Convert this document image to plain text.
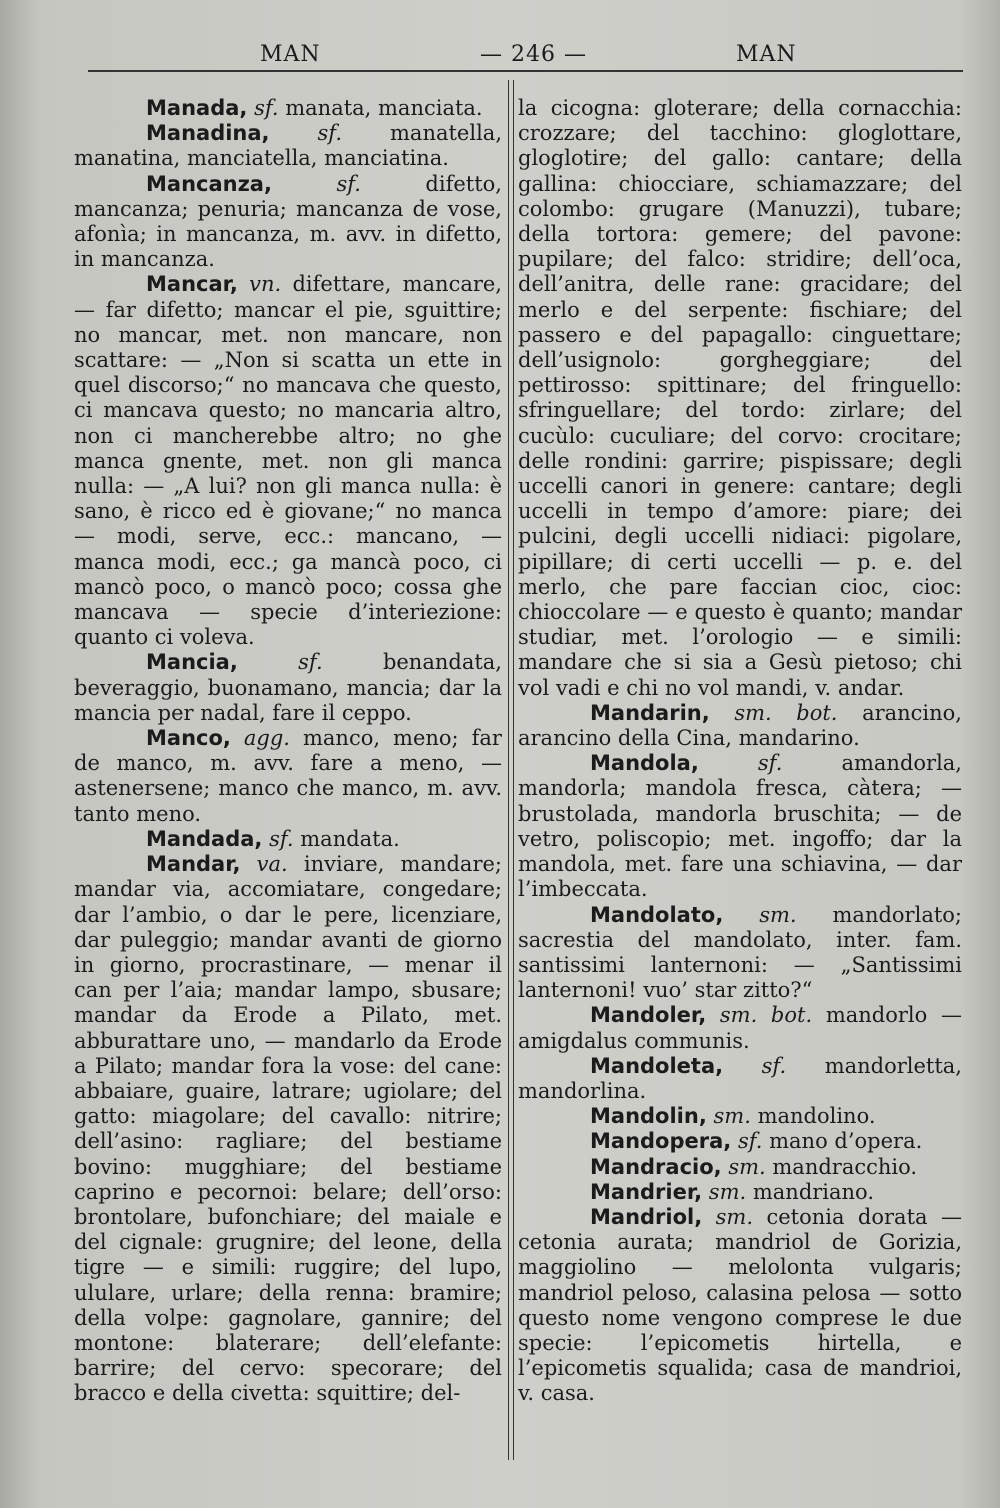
MAN	— 246 —	MAN

Manada, sf. manata, manciata.

Manadina, sf. manatella, manatina, manciatella, manciatina.

Mancanza,	sf.	difetto, mancanza; penuria; mancanza de vose, afonìa; in mancanza, m. avv. in difetto, in mancanza.

Mancar, vn. difettare, mancare, — far difetto; mancar el pie, sguittire; no mancar, met. non mancare, non scattare: — „Non si scatta un ette in quel discorso;“ no mancava che questo, ci mancava questo; no mancaria altro, non ci mancherebbe altro; no ghe manca gnente, met. non gli manca nulla: — „A lui? non gli manca nulla: è sano, è ricco ed è giovane;“ no manca — modi, serve, ecc.: mancano, — manca modi, ecc.; ga mancà poco, ci mancò poco, o mancò poco; cossa ghe mancava — specie d’interiezione: quanto ci voleva.

Mancia,	sf.	benandata, beveraggio, buonamano, mancia; dar la mancia per nadal, fare il ceppo.

Manco, agg. manco, meno; far de manco, m. avv. fare a meno, — astenersene; manco che manco, m. avv. tanto meno.

Mandada, sf. mandata.

Mandar, va. inviare, mandare; mandar via, accomiatare, congedare; dar l’ambio, o dar le pere, licenziare, dar puleggio; mandar avanti de giorno in giorno, procrastinare, — menar il can per l’aia; mandar lampo, sbusare; mandar da Erode a Pilato, met. abburattare uno, — mandarlo da Erode a Pilato; mandar fora la vose: del cane: abbaiare, guaire, latrare; ugiolare; del gatto: miagolare; del cavallo: nitrire; dell’asino: ragliare; del bestiame bovino: mugghiare; del bestiame caprino e pecornoi: belare; dell’orso: brontolare, bufonchiare; del maiale e del cignale: grugnire; del leone, della tigre — e simili: ruggire; del lupo, ululare, urlare; della renna: bramire; della volpe: gagnolare, gannire; del montone: blaterare; dell’elefante: barrire; del cervo: specorare; del bracco e della civetta: squittire; del-

la cicogna: gloterare; della cornacchia: crozzare; del tacchino: gloglottare, gloglotire; del gallo: cantare; della gallina: chiocciare, schiamazzare; del colombo: grugare (Manuzzi), tubare; della tortora: gemere; del pavone: pupilare; del falco: stridire; dell’oca, dell’anitra, delle rane: gracidare; del merlo e del serpente: fischiare; del passero e del papagallo: cinguettare; dell’usignolo: gorgheggiare; del pettirosso: spittinare; del fringuello: sfringuellare; del tordo: zirlare; del cucùlo: cuculiare; del corvo: crocitare; delle rondini: garrire; pispissare; degli uccelli canori in genere: cantare; degli uccelli in tempo d’amore: piare; dei pulcini, degli uccelli nidiaci: pigolare, pipillare; di certi uccelli — p. e. del merlo, che pare faccian cioc, cioc: chioccolare — e questo è quanto; mandar studiar, met. l’orologio — e simili: mandare che si sia a Gesù pietoso; chi vol vadi e chi no vol mandi, v. andar.

Mandarin, sm. bot. arancino, arancino della Cina, mandarino.

Mandola,	sf.	amandorla, mandorla; mandola fresca, càtera; — brustolada, mandorla bruschita; — de vetro, poliscopio; met. ingoffo; dar la mandola, met. fare una schiavina, — dar l’imbeccata.

Mandolato, sm. mandorlato; sacrestia del mandolato, inter. fam. santissimi lanternoni: — „Santissimi lanternoni! vuo’ star zitto?“

Mandoler, sm. bot. mandorlo — amigdalus communis.

Mandoleta, sf. mandorletta, mandorlina.

Mandolin, sm. mandolino.

Mandopera, sf. mano d’opera.

Mandracio, sm. mandracchio.

Mandrier, sm. mandriano.

Mandriol, sm. cetonia dorata — cetonia aurata; mandriol de Gorizia, maggiolino — melolonta vulgaris; mandriol peloso, calasina pelosa — sotto questo nome vengono comprese le due specie: l’epicometis hirtella, e l’epicometis squalida; casa de mandrioi, v. casa.
